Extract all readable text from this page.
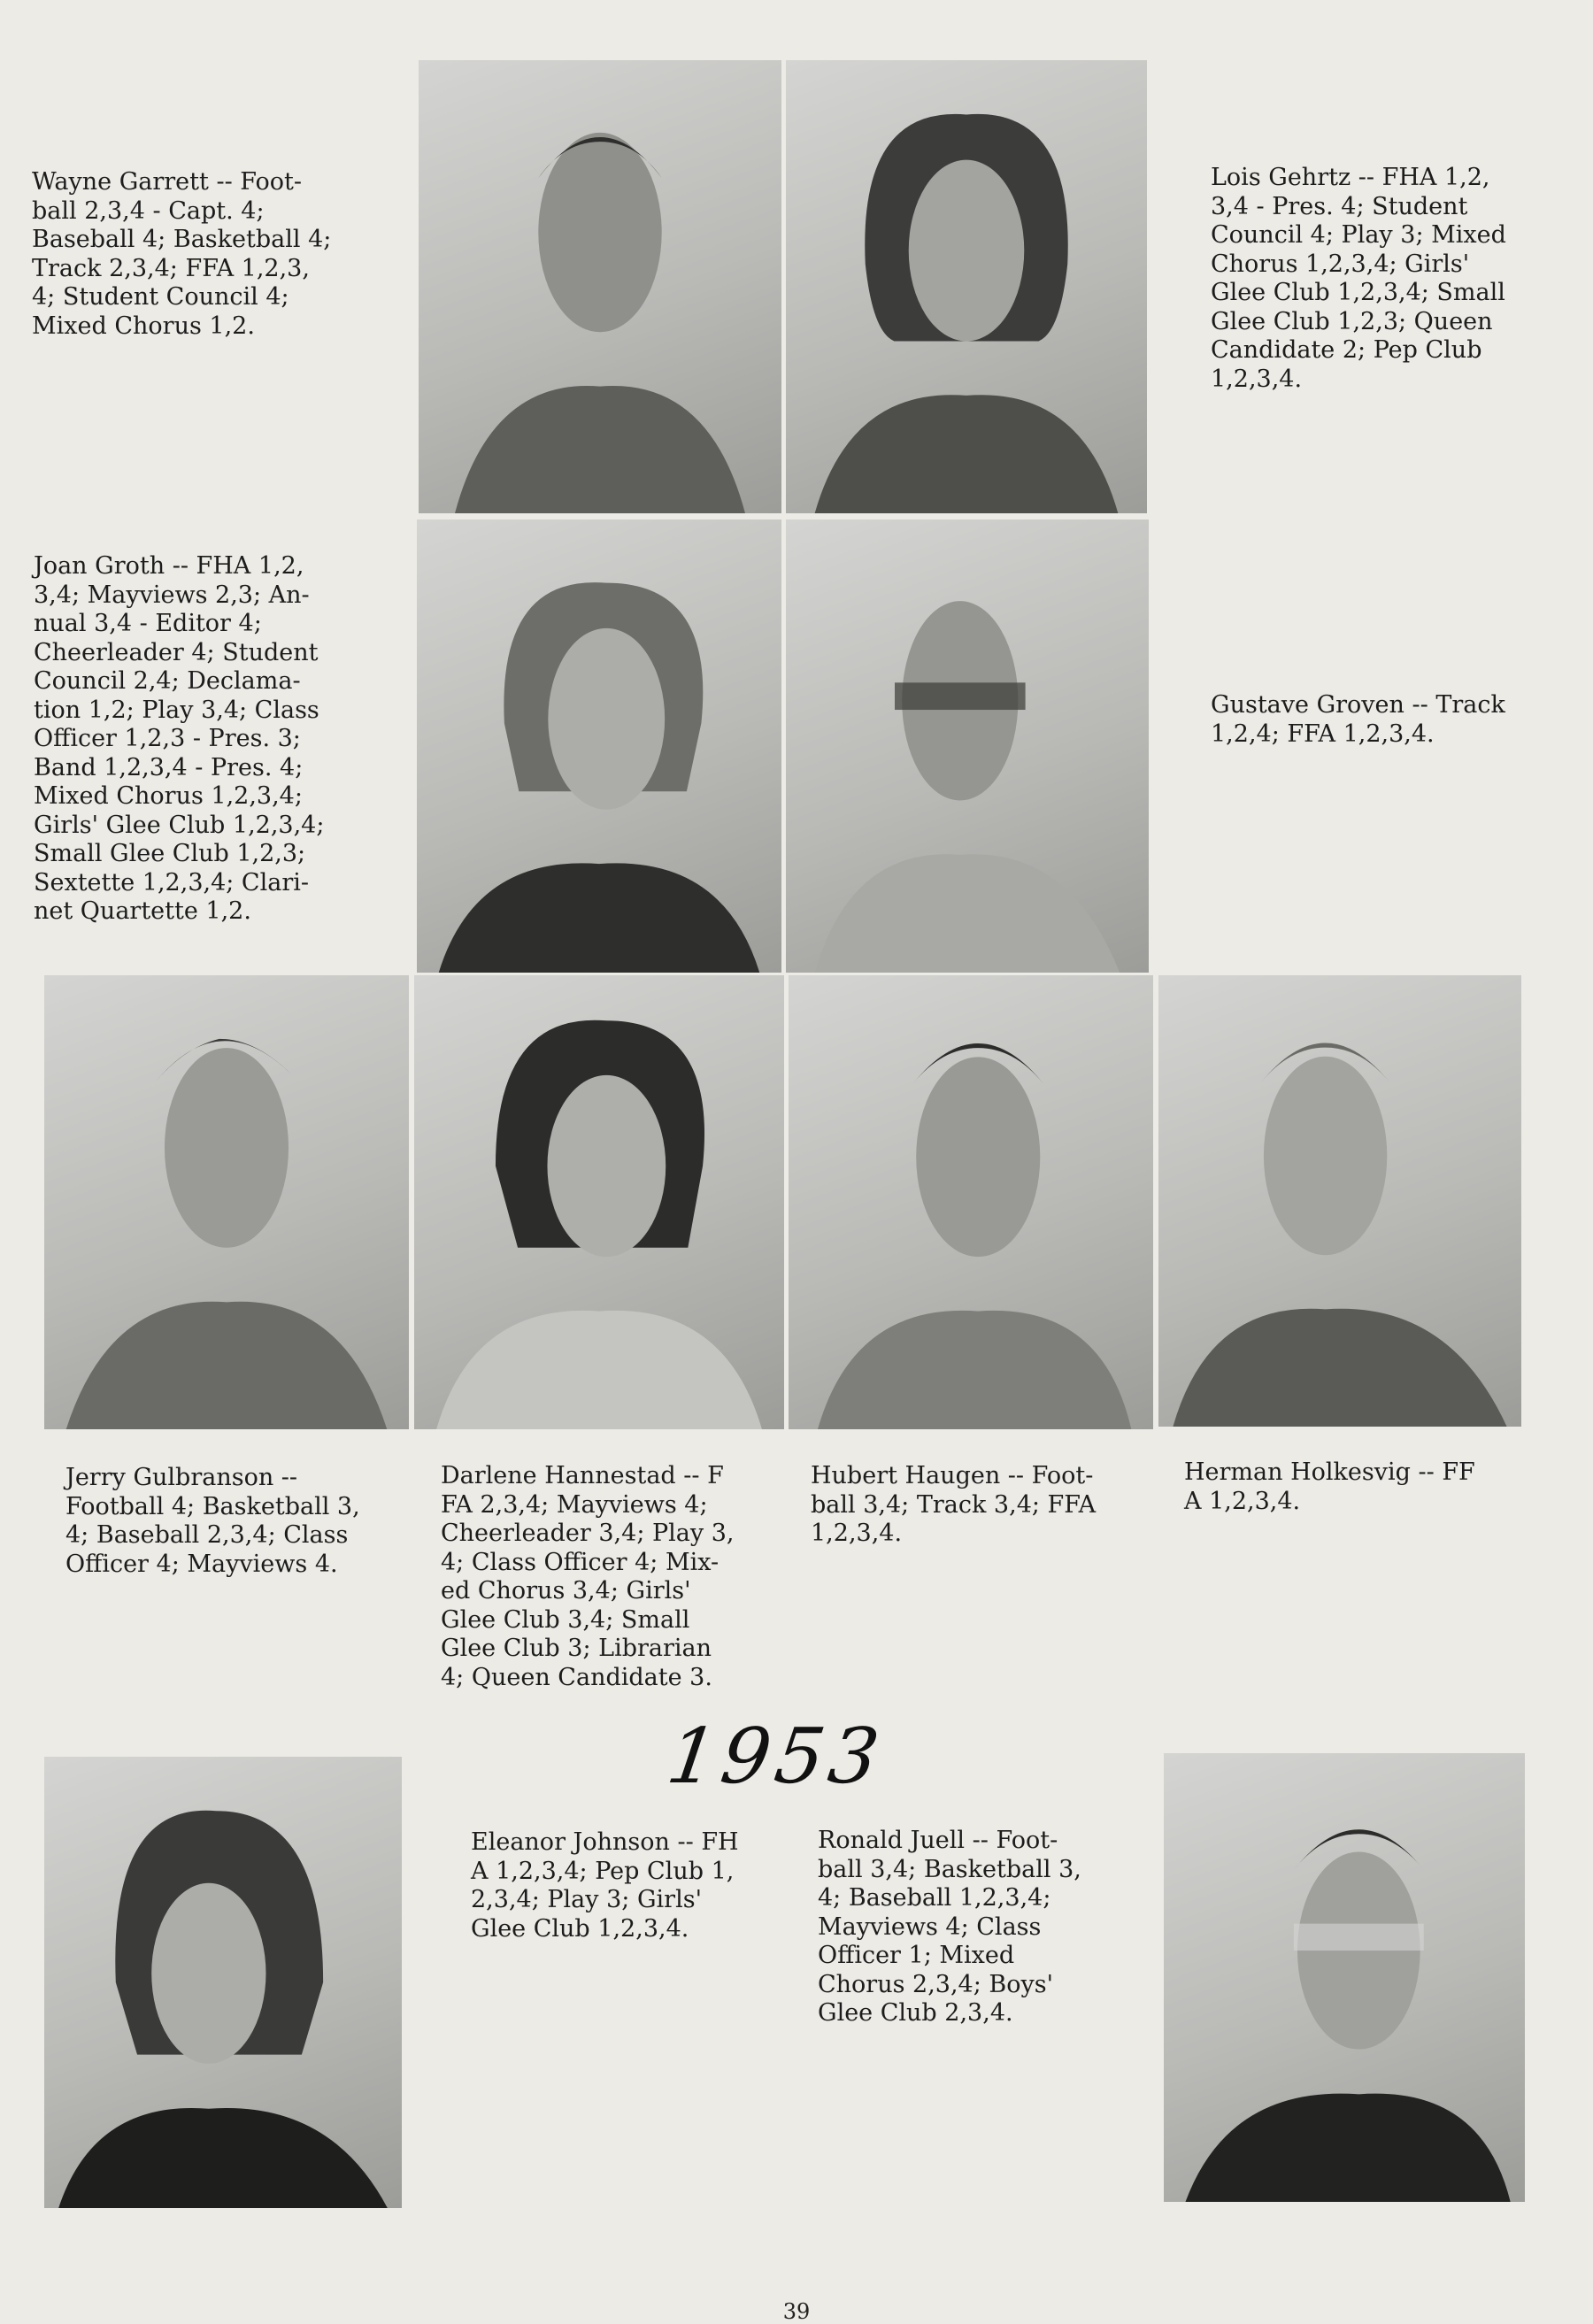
Wayne Garrett -- Foot-
ball 2,3,4 - Capt. 4;
Baseball 4; Basketball 4;
Track 2,3,4; FFA 1,2,3,
4; Student Council 4;
Mixed Chorus 1,2.
Lois Gehrtz -- FHA 1,2,
3,4 - Pres. 4; Student
Council 4; Play 3; Mixed
Chorus 1,2,3,4; Girls'
Glee Club 1,2,3,4; Small
Glee Club 1,2,3; Queen
Candidate 2; Pep Club
1,2,3,4.
Joan Groth -- FHA 1,2,
3,4; Mayviews 2,3; An-
nual 3,4 - Editor 4;
Cheerleader 4; Student
Council 2,4; Declama-
tion 1,2; Play 3,4; Class
Officer 1,2,3 - Pres. 3;
Band 1,2,3,4 - Pres. 4;
Mixed Chorus 1,2,3,4;
Girls' Glee Club 1,2,3,4;
Small Glee Club 1,2,3;
Sextette 1,2,3,4; Clari-
net Quartette 1,2.
Gustave Groven -- Track
1,2,4; FFA 1,2,3,4.
Jerry Gulbranson --
Football 4; Basketball 3,
4; Baseball 2,3,4; Class
Officer 4; Mayviews 4.
Darlene Hannestad -- F
FA 2,3,4; Mayviews 4;
Cheerleader 3,4; Play 3,
4; Class Officer 4; Mix-
ed Chorus 3,4; Girls'
Glee Club 3,4; Small
Glee Club 3; Librarian
4; Queen Candidate 3.
Hubert Haugen -- Foot-
ball 3,4; Track 3,4; FFA
1,2,3,4.
Herman Holkesvig -- FF
A 1,2,3,4.
Eleanor Johnson -- FH
A 1,2,3,4; Pep Club 1,
2,3,4; Play 3; Girls'
Glee Club 1,2,3,4.
Ronald Juell -- Foot-
ball 3,4; Basketball 3,
4; Baseball 1,2,3,4;
Mayviews 4; Class
Officer 1; Mixed
Chorus 2,3,4; Boys'
Glee Club 2,3,4.
1953
39
